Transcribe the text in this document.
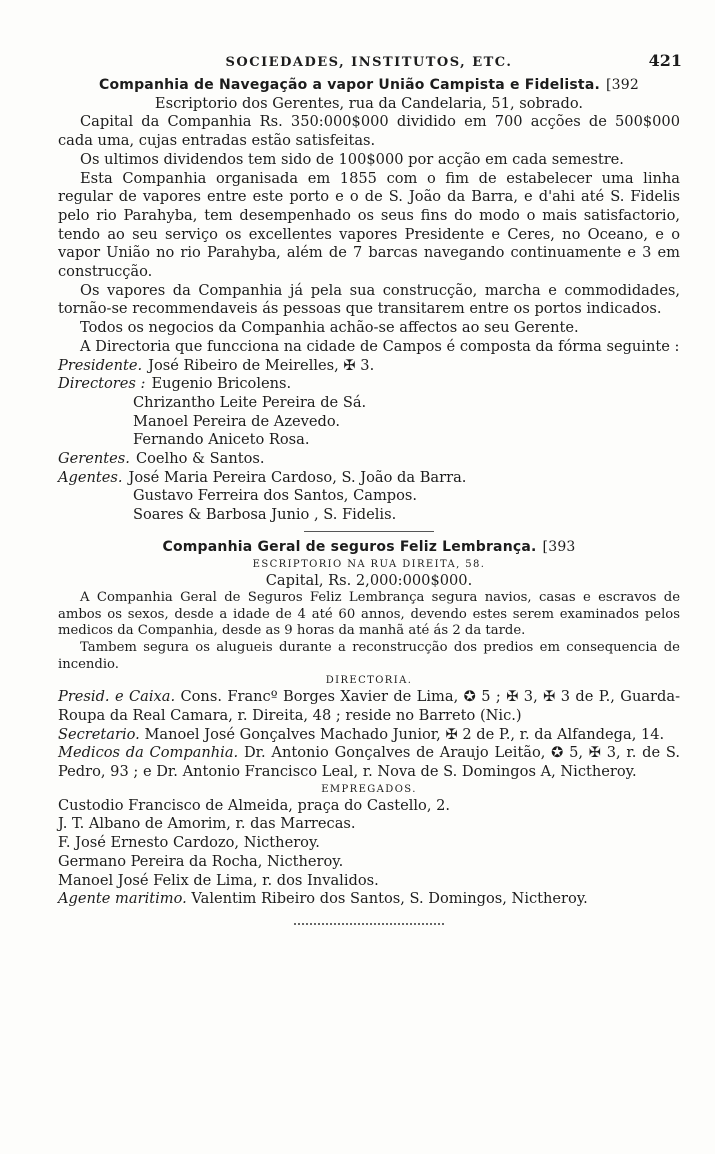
SOCIEDADES, INSTITUTOS, ETC.	421
Companhia de Navegação a vapor União Campista e Fidelista. [392
Escriptorio dos Gerentes, rua da Candelaria, 51, sobrado.
Capital da Companhia Rs. 350:000$000 dividido em 700 acções de 500$000 cada uma, cujas entradas estão satisfeitas.
Os ultimos dividendos tem sido de 100$000 por acção em cada semestre.
Esta Companhia organisada em 1855 com o fim de estabelecer uma linha regular de vapores entre este porto e o de S. João da Barra, e d'ahi até S. Fidelis pelo rio Parahyba, tem desempenhado os seus fins do modo o mais satisfactorio, tendo ao seu serviço os excellentes vapores Presidente e Ceres, no Oceano, e o vapor União no rio Parahyba, além de 7 barcas navegando continuamente e 3 em construcção.
Os vapores da Companhia já pela sua construcção, marcha e commodidades, tornão-se recommendaveis ás pessoas que transitarem entre os portos indicados.
Todos os negocios da Companhia achão-se affectos ao seu Gerente.
A Directoria que funcciona na cidade de Campos é composta da fórma seguinte :
Presidente. José Ribeiro de Meirelles, ✠ 3.
Directores : Eugenio Bricolens.
Chrizantho Leite Pereira de Sá.
Manoel Pereira de Azevedo.
Fernando Aniceto Rosa.
Gerentes. Coelho & Santos.
Agentes. José Maria Pereira Cardoso, S. João da Barra.
Gustavo Ferreira dos Santos, Campos.
Soares & Barbosa Junio , S. Fidelis.
Companhia Geral de seguros Feliz Lembrança. [393
ESCRIPTORIO NA RUA DIREITA, 58.
Capital, Rs. 2,000:000$000.
A Companhia Geral de Seguros Feliz Lembrança segura navios, casas e escravos de ambos os sexos, desde a idade de 4 até 60 annos, devendo estes serem examinados pelos medicos da Companhia, desde as 9 horas da manhã até ás 2 da tarde.
Tambem segura os alugueis durante a reconstrucção dos predios em consequencia de incendio.
DIRECTORIA.
Presid. e Caixa. Cons. Francº Borges Xavier de Lima, ✪ 5 ; ✠ 3, ✠ 3 de P., Guarda-Roupa da Real Camara, r. Direita, 48 ; reside no Barreto (Nic.)
Secretario. Manoel José Gonçalves Machado Junior, ✠ 2 de P., r. da Alfandega, 14.
Medicos da Companhia. Dr. Antonio Gonçalves de Araujo Leitão, ✪ 5, ✠ 3, r. de S. Pedro, 93 ; e Dr. Antonio Francisco Leal, r. Nova de S. Domingos A, Nictheroy.
EMPREGADOS.
Custodio Francisco de Almeida, praça do Castello, 2.
J. T. Albano de Amorim, r. das Marrecas.
F. José Ernesto Cardozo, Nictheroy.
Germano Pereira da Rocha, Nictheroy.
Manoel José Felix de Lima, r. dos Invalidos.
Agente maritimo. Valentim Ribeiro dos Santos, S. Domingos, Nictheroy.
